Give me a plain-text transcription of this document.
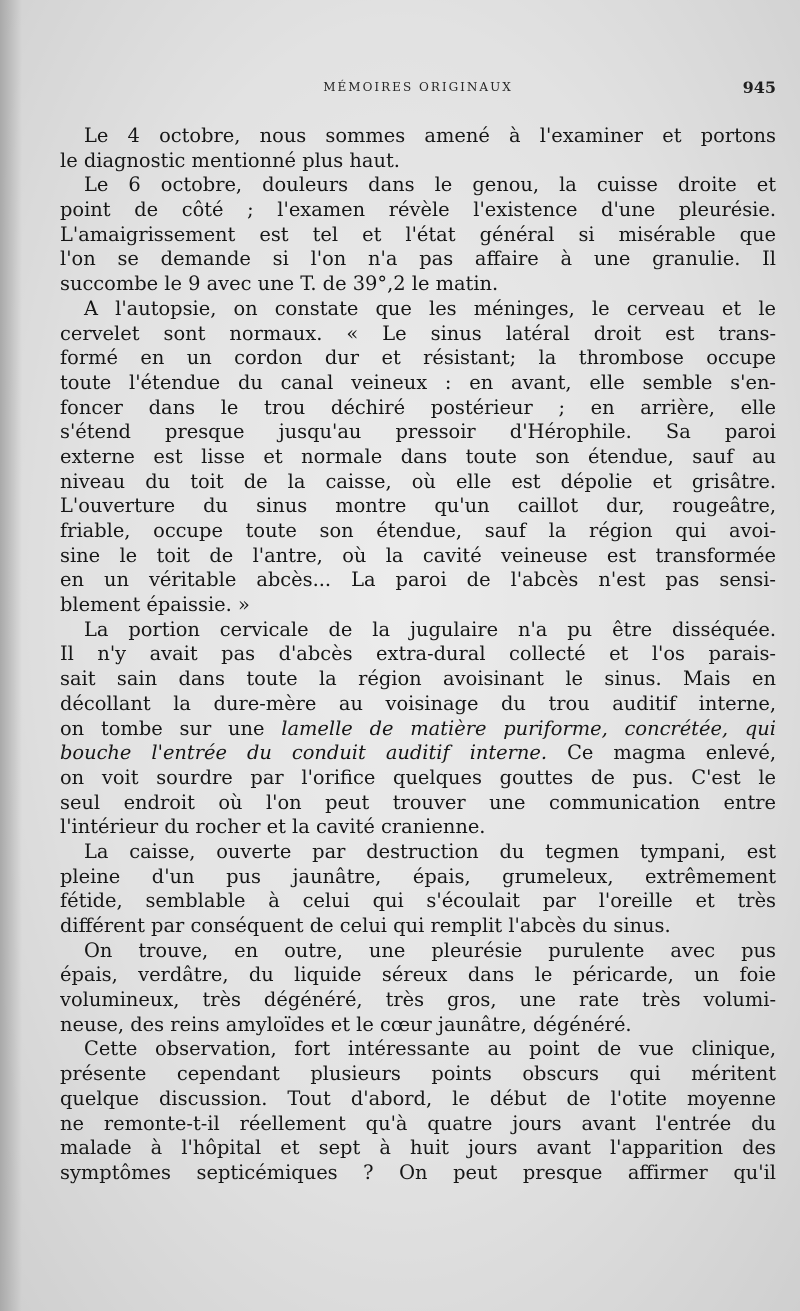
MÉMOIRES ORIGINAUX	945
Le 4 octobre, nous sommes amené à l'examiner et portons
le diagnostic mentionné plus haut.
Le 6 octobre, douleurs dans le genou, la cuisse droite et
point de côté ; l'examen révèle l'existence d'une pleurésie.
L'amaigrissement est tel et l'état général si misérable que
l'on se demande si l'on n'a pas affaire à une granulie. Il
succombe le 9 avec une T. de 39°,2 le matin.
A l'autopsie, on constate que les méninges, le cerveau et le
cervelet sont normaux. « Le sinus latéral droit est trans-
formé en un cordon dur et résistant; la thrombose occupe
toute l'étendue du canal veineux : en avant, elle semble s'en-
foncer dans le trou déchiré postérieur ; en arrière, elle
s'étend presque jusqu'au pressoir d'Hérophile. Sa paroi
externe est lisse et normale dans toute son étendue, sauf au
niveau du toit de la caisse, où elle est dépolie et grisâtre.
L'ouverture du sinus montre qu'un caillot dur, rougeâtre,
friable, occupe toute son étendue, sauf la région qui avoi-
sine le toit de l'antre, où la cavité veineuse est transformée
en un véritable abcès... La paroi de l'abcès n'est pas sensi-
blement épaissie. »
La portion cervicale de la jugulaire n'a pu être disséquée.
Il n'y avait pas d'abcès extra-dural collecté et l'os parais-
sait sain dans toute la région avoisinant le sinus. Mais en
décollant la dure-mère au voisinage du trou auditif interne,
on tombe sur une lamelle de matière puriforme, concrétée, qui
bouche l'entrée du conduit auditif interne. Ce magma enlevé,
on voit sourdre par l'orifice quelques gouttes de pus. C'est le
seul endroit où l'on peut trouver une communication entre
l'intérieur du rocher et la cavité cranienne.
La caisse, ouverte par destruction du tegmen tympani, est
pleine d'un pus jaunâtre, épais, grumeleux, extrêmement
fétide, semblable à celui qui s'écoulait par l'oreille et très
différent par conséquent de celui qui remplit l'abcès du sinus.
On trouve, en outre, une pleurésie purulente avec pus
épais, verdâtre, du liquide séreux dans le péricarde, un foie
volumineux, très dégénéré, très gros, une rate très volumi-
neuse, des reins amyloïdes et le cœur jaunâtre, dégénéré.
Cette observation, fort intéressante au point de vue clinique,
présente cependant plusieurs points obscurs qui méritent
quelque discussion. Tout d'abord, le début de l'otite moyenne
ne remonte-t-il réellement qu'à quatre jours avant l'entrée du
malade à l'hôpital et sept à huit jours avant l'apparition des
symptômes septicémiques ? On peut presque affirmer qu'il
